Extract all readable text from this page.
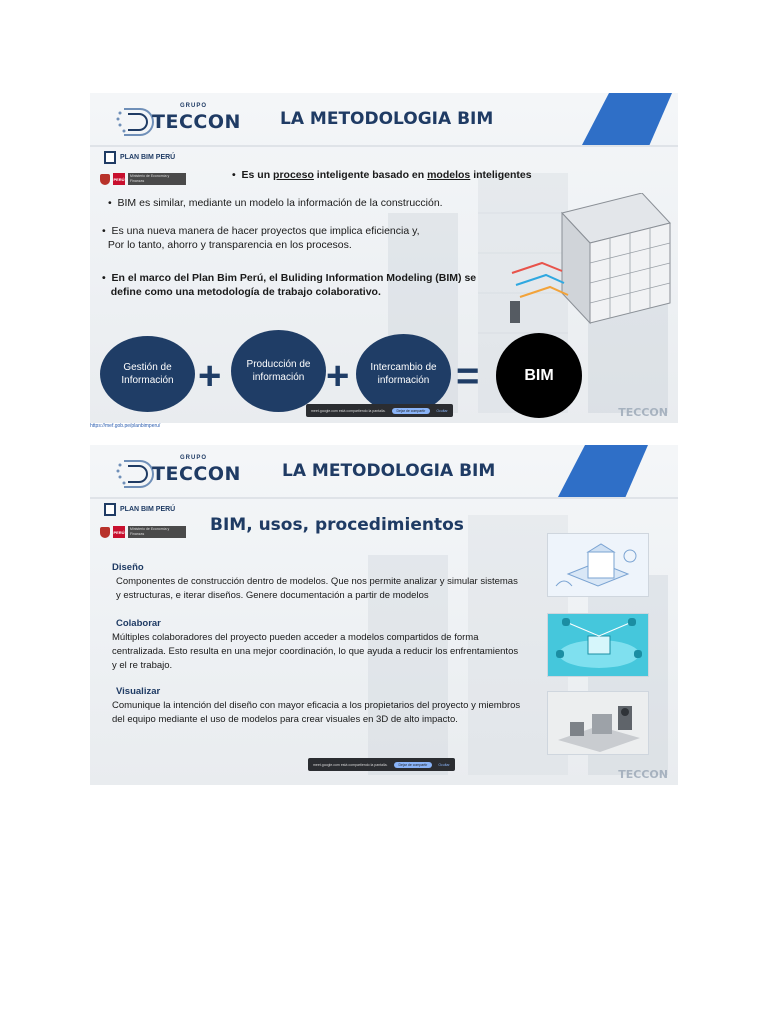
GRUPO
TECCON LA METODOLOGIA BIM
PLAN BIM PERÚ
PERÚ
Ministerio de Economía y Finanzas	•  Es un proceso inteligente basado en modelos inteligentes
•  BIM es similar, mediante un modelo la información de la construcción.
•  Es una nueva manera de hacer proyectos que implica eficiencia y,
Por lo tanto, ahorro y transparencia en los procesos.
•  En el marco del Plan Bim Perú, el Buliding Information Modeling (BIM) se
define como una metodología de trabajo colaborativo.
Gestión de Información +	Producción de información +	Intercambio de información =	BIM
meet.google.com está compartiendo la pantalla.	Dejar de compartir	Ocultar	TECCON
https://mef.gob.pe/planbimperu/
GRUPO
TECCON LA METODOLOGIA BIM
PLAN BIM PERÚ
PERÚ
Ministerio de Economía y Finanzas	BIM, usos, procedimientos
Diseño
Componentes de construcción dentro de modelos. Que nos permite analizar y simular sistemas y estructuras, e iterar diseños. Genere documentación a partir de modelos
Colaborar
Múltiples colaboradores del proyecto pueden acceder a modelos compartidos de forma centralizada. Esto resulta en una mejor coordinación, lo que ayuda a reducir los enfrentamientos y el re trabajo.
Visualizar
Comunique la intención del diseño con mayor eficacia a los propietarios del proyecto y miembros del equipo mediante el uso de modelos para crear visuales en 3D de alto impacto.
meet.google.com está compartiendo la pantalla.	Dejar de compartir	Ocultar
TECCON
